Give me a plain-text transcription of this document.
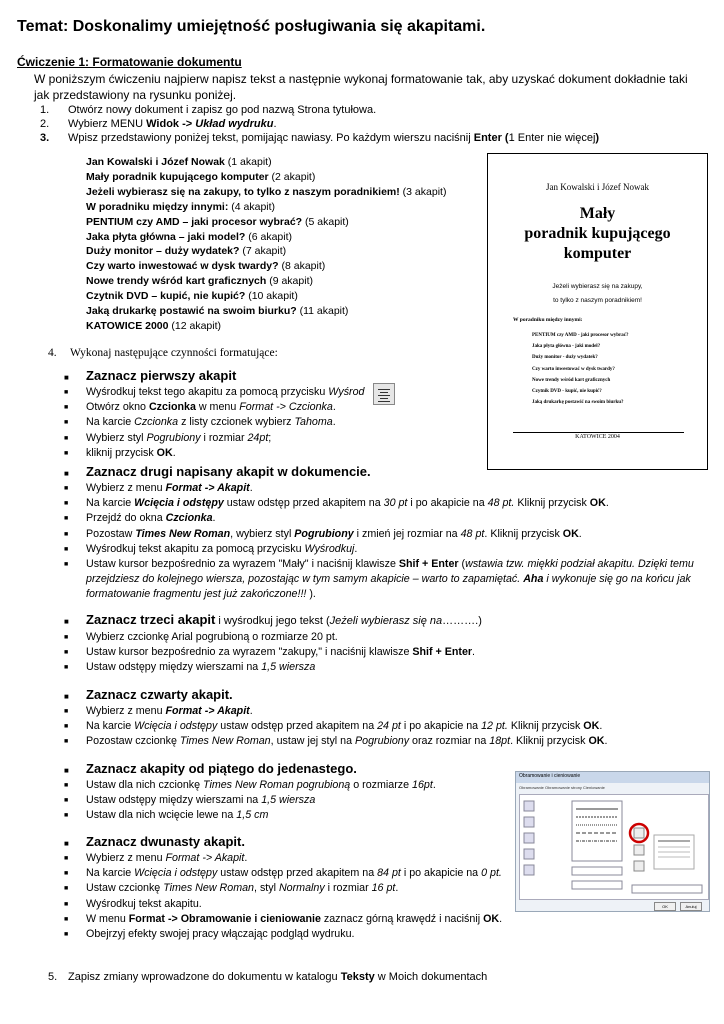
Temat: Doskonalimy umiejętność posługiwania się akapitami.
Ćwiczenie 1: Formatowanie dokumentu
W poniższym ćwiczeniu najpierw napisz tekst a następnie wykonaj formatowanie tak, aby uzyskać dokument dokładnie taki jak przedstawiony na rysunku poniżej.
1.	Otwórz nowy dokument i zapisz go pod nazwą Strona tytułowa.
2.	Wybierz MENU Widok -> Układ wydruku.
3.	Wpisz przedstawiony poniżej tekst, pomijając nawiasy. Po każdym wierszu naciśnij Enter (1 Enter nie więcej)
Jan Kowalski i Józef Nowak (1 akapit)
Mały poradnik kupującego komputer (2 akapit)
Jeżeli wybierasz się na zakupy, to tylko z naszym poradnikiem! (3 akapit)
W poradniku między innymi: (4 akapit)
PENTIUM czy AMD – jaki procesor wybrać? (5 akapit)
Jaka płyta główna – jaki model? (6 akapit)
Duży monitor – duży wydatek? (7 akapit)
Czy warto inwestować w dysk twardy? (8 akapit)
Nowe trendy wśród kart graficznych (9 akapit)
Czytnik DVD – kupić, nie kupić? (10 akapit)
Jaką drukarkę postawić na swoim biurku? (11 akapit)
KATOWICE 2000 (12 akapit)
Jan Kowalski i Józef Nowak
Mały
poradnik kupującego
komputer
Jeżeli wybierasz się na zakupy,
to tylko z naszym poradnikiem!
W poradniku między innymi:
PENTIUM czy AMD - jaki procesor wybrać?
Jaka płyta główna - jaki model?
Duży monitor - duży wydatek?
Czy warto inwestować w dysk twardy?
Nowe trendy wśród kart graficznych
Czytnik DVD - kupić, nie kupić?
Jaką drukarkę postawić na swoim biurku?
KATOWICE 2004
4. Wykonaj następujące czynności formatujące:
■
Zaznacz pierwszy akapit
■
Wyśrodkuj tekst tego akapitu za pomocą przycisku Wyśrod
■
Otwórz okno Czcionka w menu Format -> Czcionka.
■
Na karcie Czcionka z listy czcionek wybierz Tahoma.
■
Wybierz styl Pogrubiony i rozmiar 24pt;
■
kliknij przycisk OK.
■
Zaznacz drugi napisany akapit w dokumencie.
■
Wybierz z menu Format -> Akapit.
■
Na karcie Wcięcia i odstępy ustaw odstęp przed akapitem na 30 pt i po akapicie na 48 pt. Kliknij przycisk OK.
■
Przejdź do okna Czcionka.
■
Pozostaw Times New Roman, wybierz styl Pogrubiony i zmień jej rozmiar na 48 pt. Kliknij przycisk OK.
■
Wyśrodkuj tekst akapitu za pomocą przycisku Wyśrodkuj.
■
Ustaw kursor bezpośrednio za wyrazem "Mały" i naciśnij klawisze Shif + Enter (wstawia tzw. miękki podział akapitu. Dzięki temu przejdziesz do kolejnego wiersza, pozostając w tym samym akapicie – warto to zapamiętać. Aha i wykonuje się go na końcu jak formatowanie fragmentu jest już zakończone!!! ).
■
Zaznacz trzeci akapit i wyśrodkuj jego tekst (Jeżeli wybierasz się na……….)
■
Wybierz czcionkę Arial pogrubioną o rozmiarze 20 pt.
■
Ustaw kursor bezpośrednio za wyrazem "zakupy," i naciśnij klawisze Shif + Enter.
■
Ustaw odstępy między wierszami na 1,5 wiersza
■
Zaznacz czwarty akapit.
■
Wybierz z menu Format -> Akapit.
■
Na karcie Wcięcia i odstępy ustaw odstęp przed akapitem na 24 pt i po akapicie na 12 pt. Kliknij przycisk OK.
■
Pozostaw czcionkę Times New Roman, ustaw jej styl na Pogrubiony oraz rozmiar na 18pt. Kliknij przycisk OK.
■
Zaznacz akapity od piątego do jedenastego.
■
Ustaw dla nich czcionkę Times New Roman pogrubioną o rozmiarze 16pt.
■
Ustaw odstępy między wierszami na 1,5 wiersza
■
Ustaw dla nich wcięcie lewe na 1,5 cm
■
Zaznacz dwunasty akapit.
■
Wybierz z menu Format -> Akapit.
■
Na karcie Wcięcia i odstępy ustaw odstęp przed akapitem na 84 pt i po akapicie na 0 pt.
■
Ustaw czcionkę Times New Roman, styl Normalny i rozmiar 16 pt.
■
Wyśrodkuj tekst akapitu.
■
W menu Format -> Obramowanie i cieniowanie zaznacz górną krawędź i naciśnij OK.
■
Obejrzyj efekty swojej pracy włączając podgląd wydruku.
Obramowanie i cieniowanie
Obramowanie Obramowanie strony Cieniowanie
OK	Anuluj
5. Zapisz zmiany wprowadzone do dokumentu w katalogu Teksty w Moich dokumentach
